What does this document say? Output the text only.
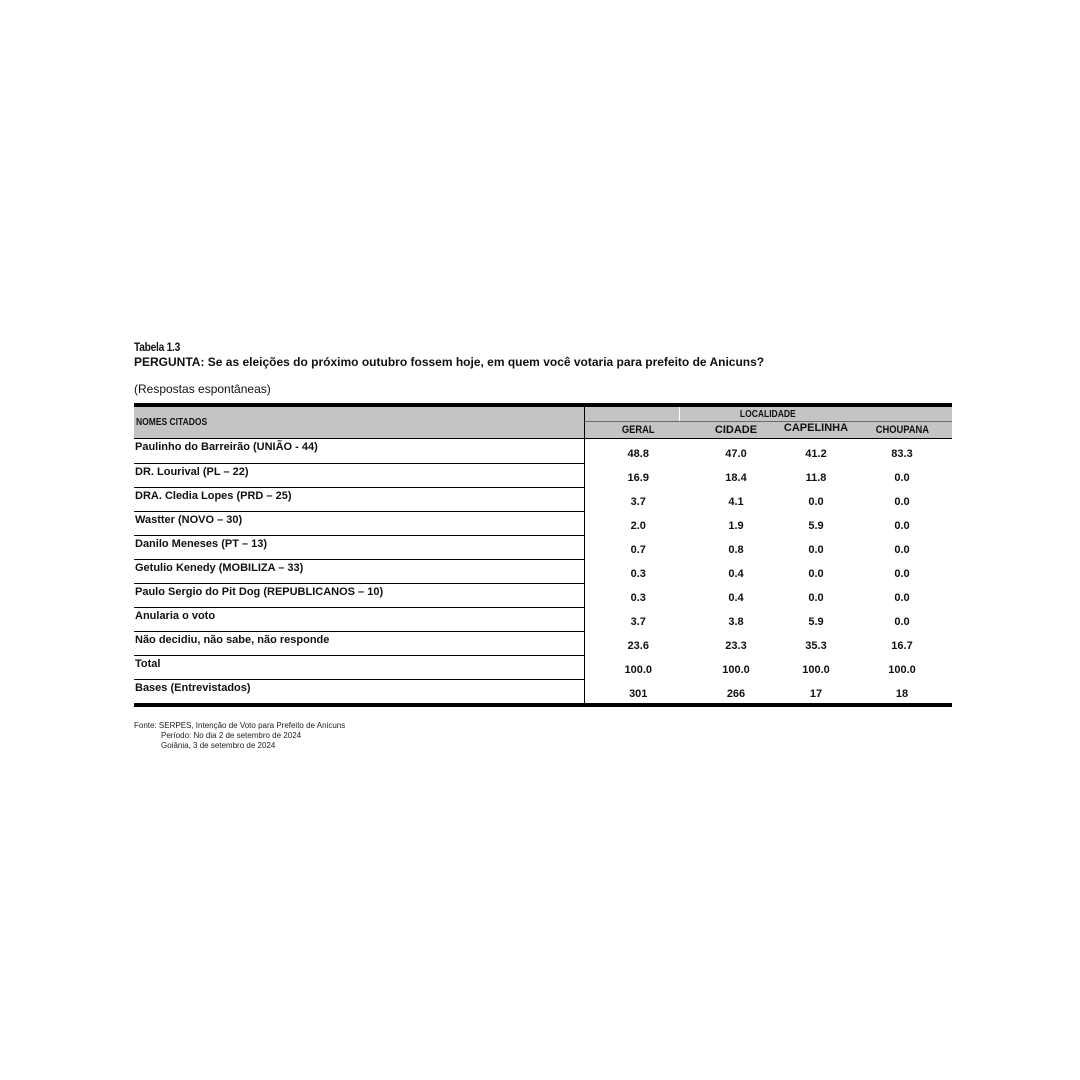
Tabela 1.3
PERGUNTA: Se as eleições do próximo outubro fossem hoje, em quem você votaria para prefeito de Anicuns?
(Respostas espontâneas)
NOMES CITADOS	LOCALIDADE			
	GERAL	CIDADE	CAPELINHA	CHOUPANA
Paulinho do Barreirão (UNIÃO - 44)	48.8	47.0	41.2	83.3
DR. Lourival (PL – 22)	16.9	18.4	11.8	0.0
DRA. Cledia Lopes (PRD – 25)	3.7	4.1	0.0	0.0
Wastter (NOVO – 30)	2.0	1.9	5.9	0.0
Danilo Meneses (PT – 13)	0.7	0.8	0.0	0.0
Getulio Kenedy (MOBILIZA – 33)	0.3	0.4	0.0	0.0
Paulo Sergio do Pit Dog (REPUBLICANOS – 10)	0.3	0.4	0.0	0.0
Anularia o voto	3.7	3.8	5.9	0.0
Não decidiu, não sabe, não responde	23.6	23.3	35.3	16.7
Total	100.0	100.0	100.0	100.0
Bases (Entrevistados)	301	266	17	18
Fonte: SERPES, Intenção de Voto para Prefeito de Anicuns
Período: No dia 2 de setembro de 2024
Goiânia, 3 de setembro de 2024
